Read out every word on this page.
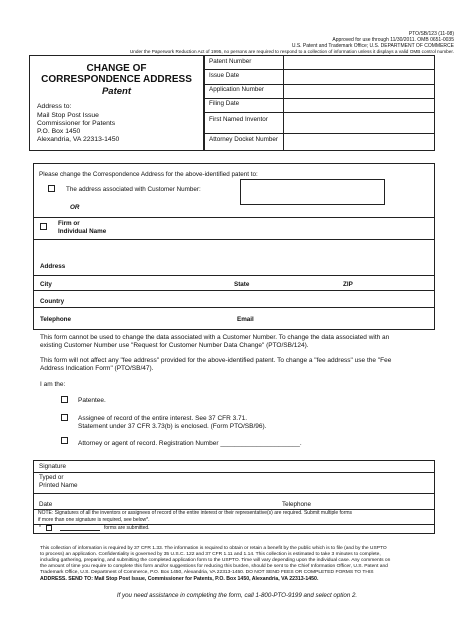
PTO/SB/123 (11-08)
Approved for use through 11/30/2011. OMB 0651-0035
U.S. Patent and Trademark Office; U.S. DEPARTMENT OF COMMERCE
Under the Paperwork Reduction Act of 1995, no persons are required to respond to a collection of information unless it displays a valid OMB control number.
CHANGE OF
CORRESPONDENCE ADDRESS
Patent
Address to:
Mail Stop Post Issue
Commissioner for Patents
P.O. Box 1450
Alexandria, VA 22313-1450
Patent Number
Issue Date
Application Number
Filing Date
First Named Inventor
Attorney Docket Number
Please change the Correspondence Address for the above-identified patent to:
The address associated with Customer Number:
OR
Firm or
Individual Name
Address
City	State	ZIP
Country
Telephone	Email
This form cannot be used to change the data associated with a Customer Number. To change the data associated with an
existing Customer Number use "Request for Customer Number Data Change" (PTO/SB/124).
This form will not affect any "fee address" provided for the above-identified patent. To change a "fee address" use the "Fee
Address Indication Form" (PTO/SB/47).
I am the:
Patentee.
Assignee of record of the entire interest. See 37 CFR 3.71.
Statement under 37 CFR 3.73(b) is enclosed. (Form PTO/SB/96).
Attorney or agent of record. Registration Number ______________________.
Signature
Typed or
Printed Name
Date	Telephone
NOTE: Signatures of all the inventors or assignees of record of the entire interest or their representative(s) are required. Submit multiple forms
if more than one signature is required, see below*.
*	forms are submitted.
This collection of information is required by 37 CFR 1.33. The information is required to obtain or retain a benefit by the public which is to file (and by the USPTO
to process) an application. Confidentiality is governed by 35 U.S.C. 122 and 37 CFR 1.11 and 1.14. This collection is estimated to take 3 minutes to complete,
including gathering, preparing, and submitting the completed application form to the USPTO. Time will vary depending upon the individual case. Any comments on
the amount of time you require to complete this form and/or suggestions for reducing this burden, should be sent to the Chief Information Officer, U.S. Patent and
Trademark Office, U.S. Department of Commerce, P.O. Box 1450, Alexandria, VA 22313-1450. DO NOT SEND FEES OR COMPLETED FORMS TO THIS
ADDRESS. SEND TO: Mail Stop Post Issue, Commissioner for Patents, P.O. Box 1450, Alexandria, VA 22313-1450.
If you need assistance in completing the form, call 1-800-PTO-9199 and select option 2.
